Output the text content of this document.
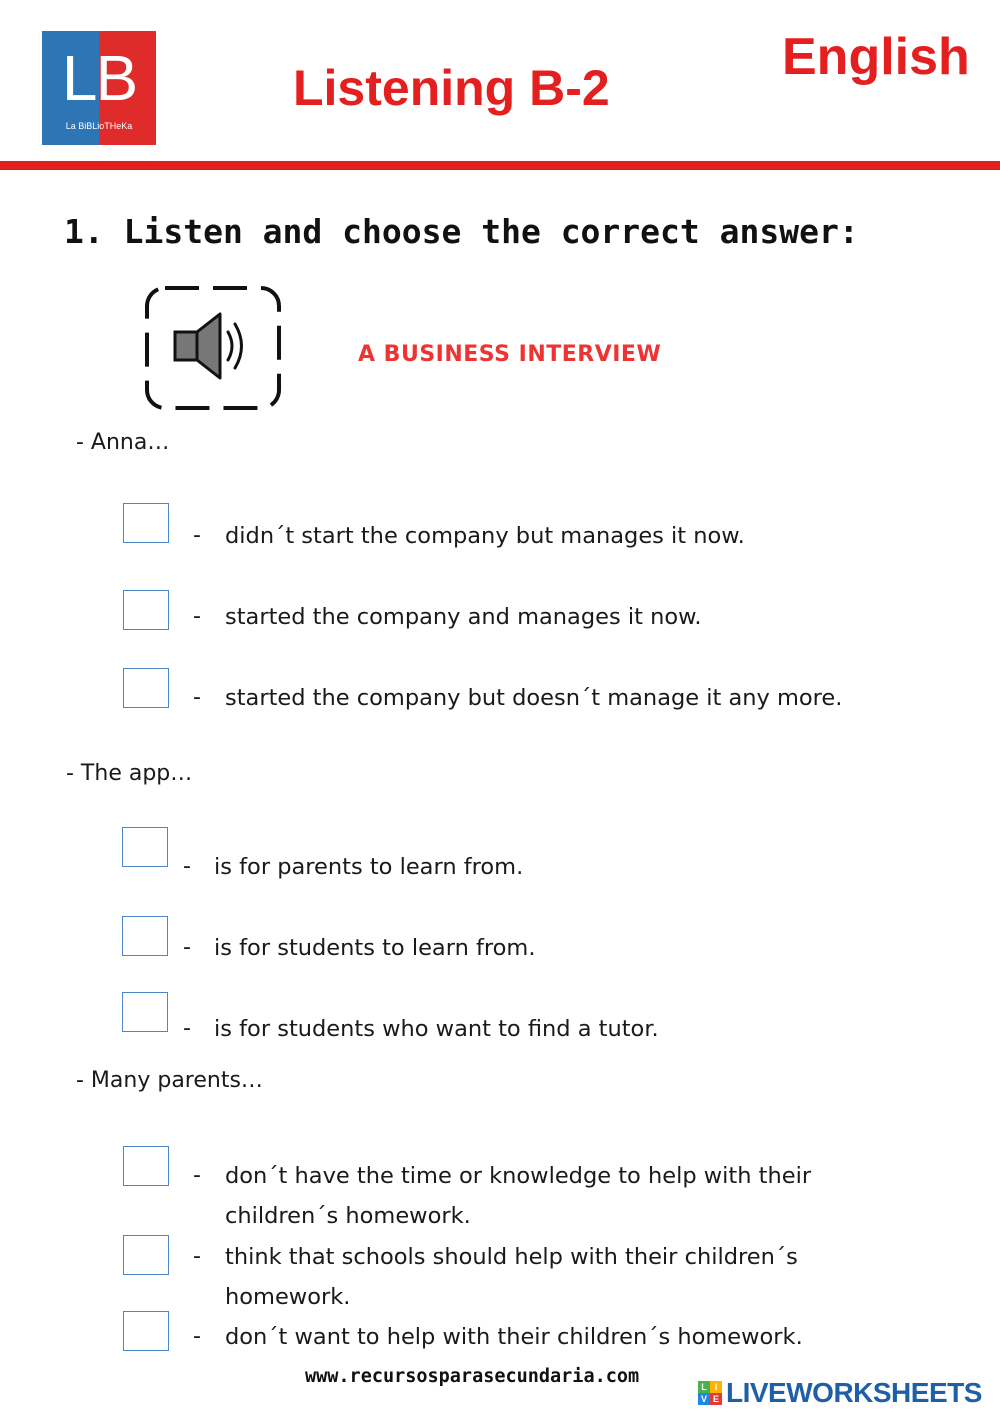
LB
La BiBLioTHeKa
Listening B-2
English
1. Listen and choose the correct answer:
A BUSINESS INTERVIEW
- Anna…
- didn´t start the company but manages it now.
- started the company and manages it now.
- started the company but doesn´t manage it any more.
- The app…
- is for parents to learn from.
- is for students to learn from.
- is for students who want to find a tutor.
- Many parents…
- don´t have the time or knowledge to help with their
children´s homework.
- think that schools should help with their children´s
homework.
- don´t want to help with their children´s homework.
www.recursosparasecundaria.com	L I
V E LIVEWORKSHEETS
